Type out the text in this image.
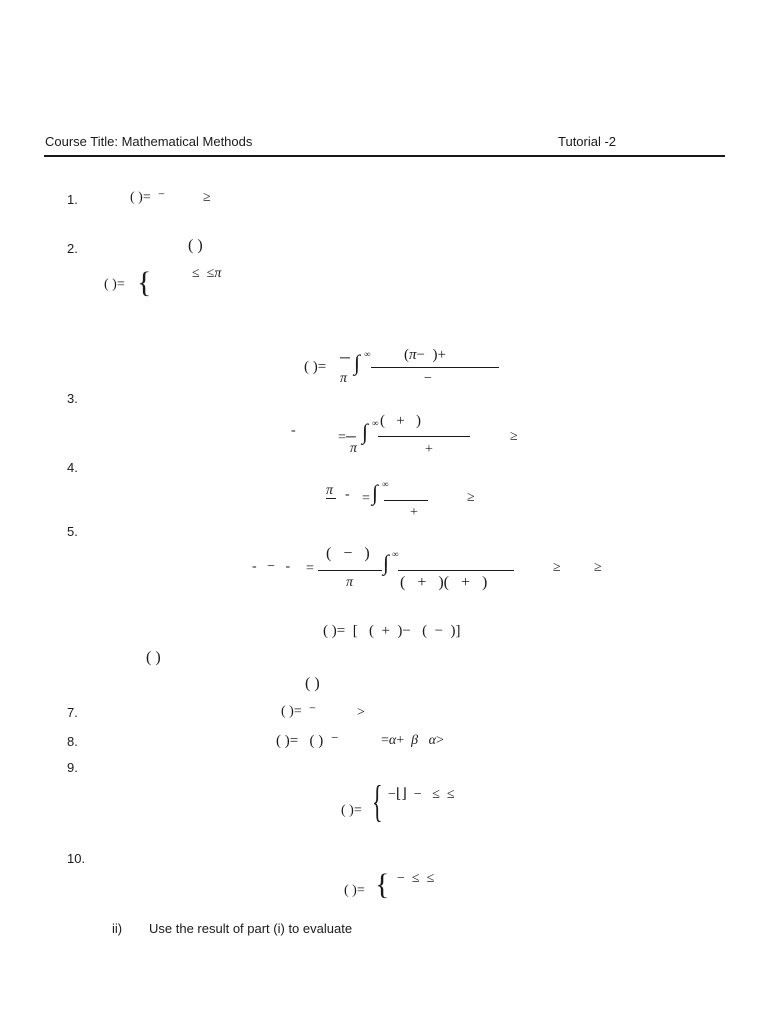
Course Title: Mathematical Methods	Tutorial -2
1.
2.
3.
4.
5.
7.
8.
9.
10.
( )=  ⁻	≥
( )
( )= {	≤  ≤π
( )=
─
π
∫ ∞ (π−  )+
−
-	=─
π
∫ ∞ (   +   )
+
≥
π - = ∫ ∞
+
≥
-   −   - =
(   −   )
π
∫ ∞
(   +   )(   +   )
≥ ≥
( )=  [   (  +  )−   (  −  )]
( )
( )
( )=  ⁻	>
( )=   ( )  ⁻	=α+  β α>
( )= { −⌊⌋  −   ≤  ≤
( )= { −  ≤  ≤
ii) Use the result of part (i) to evaluate
